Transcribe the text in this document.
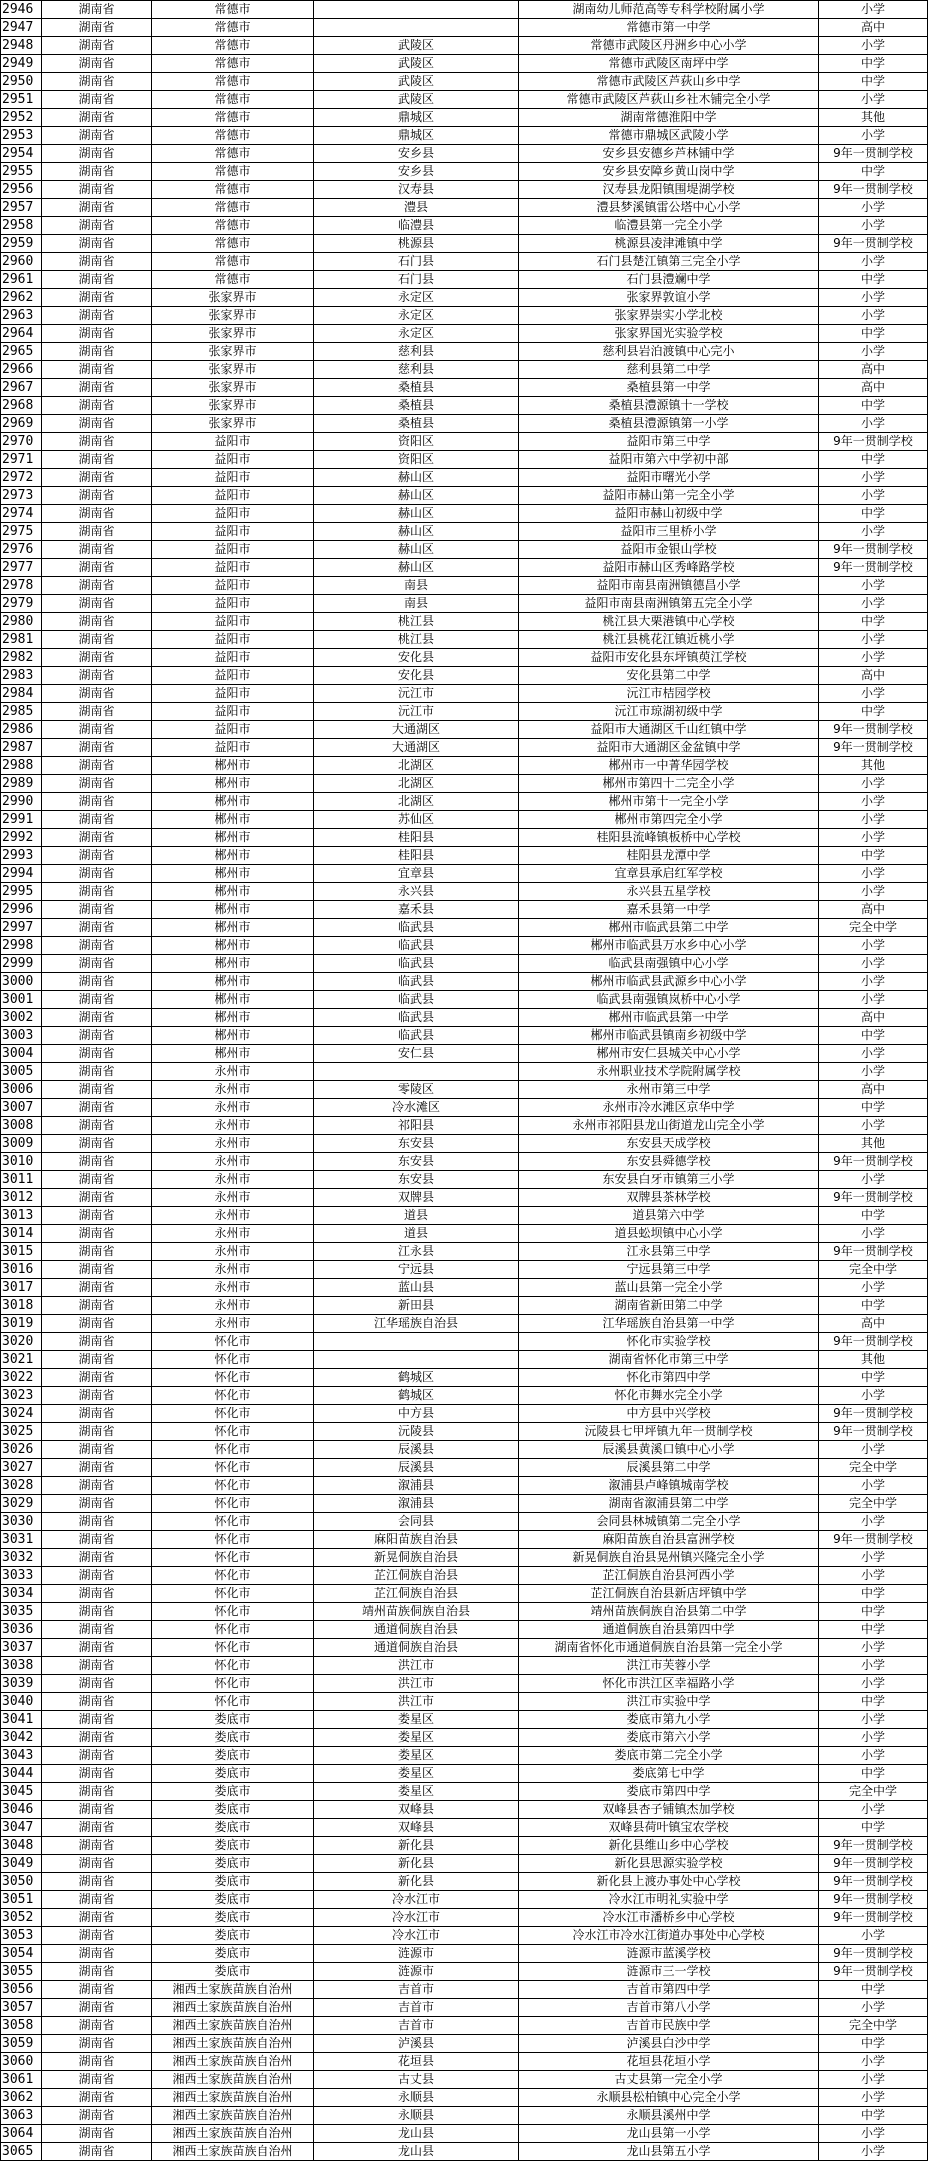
2946	湖南省	常德市		湖南幼儿师范高等专科学校附属小学	小学
2947	湖南省	常德市		常德市第一中学	高中
2948	湖南省	常德市	武陵区	常德市武陵区丹洲乡中心小学	小学
2949	湖南省	常德市	武陵区	常德市武陵区南坪中学	中学
2950	湖南省	常德市	武陵区	常德市武陵区芦荻山乡中学	中学
2951	湖南省	常德市	武陵区	常德市武陵区芦荻山乡社木铺完全小学	小学
2952	湖南省	常德市	鼎城区	湖南常德淮阳中学	其他
2953	湖南省	常德市	鼎城区	常德市鼎城区武陵小学	小学
2954	湖南省	常德市	安乡县	安乡县安德乡芦林铺中学	9年一贯制学校
2955	湖南省	常德市	安乡县	安乡县安障乡黄山岗中学	中学
2956	湖南省	常德市	汉寿县	汉寿县龙阳镇围堤湖学校	9年一贯制学校
2957	湖南省	常德市	澧县	澧县梦溪镇雷公塔中心小学	小学
2958	湖南省	常德市	临澧县	临澧县第一完全小学	小学
2959	湖南省	常德市	桃源县	桃源县凌津滩镇中学	9年一贯制学校
2960	湖南省	常德市	石门县	石门县楚江镇第三完全小学	小学
2961	湖南省	常德市	石门县	石门县澧斓中学	中学
2962	湖南省	张家界市	永定区	张家界敦谊小学	小学
2963	湖南省	张家界市	永定区	张家界崇实小学北校	小学
2964	湖南省	张家界市	永定区	张家界国光实验学校	中学
2965	湖南省	张家界市	慈利县	慈利县岩泊渡镇中心完小	小学
2966	湖南省	张家界市	慈利县	慈利县第二中学	高中
2967	湖南省	张家界市	桑植县	桑植县第一中学	高中
2968	湖南省	张家界市	桑植县	桑植县澧源镇十一学校	中学
2969	湖南省	张家界市	桑植县	桑植县澧源镇第一小学	小学
2970	湖南省	益阳市	资阳区	益阳市第三中学	9年一贯制学校
2971	湖南省	益阳市	资阳区	益阳市第六中学初中部	中学
2972	湖南省	益阳市	赫山区	益阳市曙光小学	小学
2973	湖南省	益阳市	赫山区	益阳市赫山第一完全小学	小学
2974	湖南省	益阳市	赫山区	益阳市赫山初级中学	中学
2975	湖南省	益阳市	赫山区	益阳市三里桥小学	小学
2976	湖南省	益阳市	赫山区	益阳市金银山学校	9年一贯制学校
2977	湖南省	益阳市	赫山区	益阳市赫山区秀峰路学校	9年一贯制学校
2978	湖南省	益阳市	南县	益阳市南县南洲镇德昌小学	小学
2979	湖南省	益阳市	南县	益阳市南县南洲镇第五完全小学	小学
2980	湖南省	益阳市	桃江县	桃江县大栗港镇中心学校	中学
2981	湖南省	益阳市	桃江县	桃江县桃花江镇近桃小学	小学
2982	湖南省	益阳市	安化县	益阳市安化县东坪镇萸江学校	小学
2983	湖南省	益阳市	安化县	安化县第二中学	高中
2984	湖南省	益阳市	沅江市	沅江市桔园学校	小学
2985	湖南省	益阳市	沅江市	沅江市琼湖初级中学	中学
2986	湖南省	益阳市	大通湖区	益阳市大通湖区千山红镇中学	9年一贯制学校
2987	湖南省	益阳市	大通湖区	益阳市大通湖区金盆镇中学	9年一贯制学校
2988	湖南省	郴州市	北湖区	郴州市一中菁华园学校	其他
2989	湖南省	郴州市	北湖区	郴州市第四十二完全小学	小学
2990	湖南省	郴州市	北湖区	郴州市第十一完全小学	小学
2991	湖南省	郴州市	苏仙区	郴州市第四完全小学	小学
2992	湖南省	郴州市	桂阳县	桂阳县流峰镇板桥中心学校	小学
2993	湖南省	郴州市	桂阳县	桂阳县龙潭中学	中学
2994	湖南省	郴州市	宜章县	宜章县承启红军学校	小学
2995	湖南省	郴州市	永兴县	永兴县五星学校	小学
2996	湖南省	郴州市	嘉禾县	嘉禾县第一中学	高中
2997	湖南省	郴州市	临武县	郴州市临武县第二中学	完全中学
2998	湖南省	郴州市	临武县	郴州市临武县万水乡中心小学	小学
2999	湖南省	郴州市	临武县	临武县南强镇中心小学	小学
3000	湖南省	郴州市	临武县	郴州市临武县武源乡中心小学	小学
3001	湖南省	郴州市	临武县	临武县南强镇岚桥中心小学	小学
3002	湖南省	郴州市	临武县	郴州市临武县第一中学	高中
3003	湖南省	郴州市	临武县	郴州市临武县镇南乡初级中学	中学
3004	湖南省	郴州市	安仁县	郴州市安仁县城关中心小学	小学
3005	湖南省	永州市		永州职业技术学院附属学校	小学
3006	湖南省	永州市	零陵区	永州市第三中学	高中
3007	湖南省	永州市	冷水滩区	永州市冷水滩区京华中学	中学
3008	湖南省	永州市	祁阳县	永州市祁阳县龙山街道龙山完全小学	小学
3009	湖南省	永州市	东安县	东安县天成学校	其他
3010	湖南省	永州市	东安县	东安县舜德学校	9年一贯制学校
3011	湖南省	永州市	东安县	东安县白牙市镇第三小学	小学
3012	湖南省	永州市	双牌县	双牌县茶林学校	9年一贯制学校
3013	湖南省	永州市	道县	道县第六中学	中学
3014	湖南省	永州市	道县	道县蚣坝镇中心小学	小学
3015	湖南省	永州市	江永县	江永县第三中学	9年一贯制学校
3016	湖南省	永州市	宁远县	宁远县第三中学	完全中学
3017	湖南省	永州市	蓝山县	蓝山县第一完全小学	小学
3018	湖南省	永州市	新田县	湖南省新田第二中学	中学
3019	湖南省	永州市	江华瑶族自治县	江华瑶族自治县第一中学	高中
3020	湖南省	怀化市		怀化市实验学校	9年一贯制学校
3021	湖南省	怀化市		湖南省怀化市第三中学	其他
3022	湖南省	怀化市	鹤城区	怀化市第四中学	中学
3023	湖南省	怀化市	鹤城区	怀化市舞水完全小学	小学
3024	湖南省	怀化市	中方县	中方县中兴学校	9年一贯制学校
3025	湖南省	怀化市	沅陵县	沅陵县七甲坪镇九年一贯制学校	9年一贯制学校
3026	湖南省	怀化市	辰溪县	辰溪县黄溪口镇中心小学	小学
3027	湖南省	怀化市	辰溪县	辰溪县第二中学	完全中学
3028	湖南省	怀化市	溆浦县	溆浦县卢峰镇城南学校	小学
3029	湖南省	怀化市	溆浦县	湖南省溆浦县第二中学	完全中学
3030	湖南省	怀化市	会同县	会同县林城镇第二完全小学	小学
3031	湖南省	怀化市	麻阳苗族自治县	麻阳苗族自治县富洲学校	9年一贯制学校
3032	湖南省	怀化市	新晃侗族自治县	新晃侗族自治县晃州镇兴隆完全小学	小学
3033	湖南省	怀化市	芷江侗族自治县	芷江侗族自治县河西小学	小学
3034	湖南省	怀化市	芷江侗族自治县	芷江侗族自治县新店坪镇中学	中学
3035	湖南省	怀化市	靖州苗族侗族自治县	靖州苗族侗族自治县第二中学	中学
3036	湖南省	怀化市	通道侗族自治县	通道侗族自治县第四中学	中学
3037	湖南省	怀化市	通道侗族自治县	湖南省怀化市通道侗族自治县第一完全小学	小学
3038	湖南省	怀化市	洪江市	洪江市芙蓉小学	小学
3039	湖南省	怀化市	洪江市	怀化市洪江区幸福路小学	小学
3040	湖南省	怀化市	洪江市	洪江市实验中学	中学
3041	湖南省	娄底市	娄星区	娄底市第九小学	小学
3042	湖南省	娄底市	娄星区	娄底市第六小学	小学
3043	湖南省	娄底市	娄星区	娄底市第二完全小学	小学
3044	湖南省	娄底市	娄星区	娄底第七中学	中学
3045	湖南省	娄底市	娄星区	娄底市第四中学	完全中学
3046	湖南省	娄底市	双峰县	双峰县杏子铺镇杰加学校	小学
3047	湖南省	娄底市	双峰县	双峰县荷叶镇宝农学校	中学
3048	湖南省	娄底市	新化县	新化县维山乡中心学校	9年一贯制学校
3049	湖南省	娄底市	新化县	新化县思源实验学校	9年一贯制学校
3050	湖南省	娄底市	新化县	新化县上渡办事处中心学校	9年一贯制学校
3051	湖南省	娄底市	冷水江市	冷水江市明礼实验中学	9年一贯制学校
3052	湖南省	娄底市	冷水江市	冷水江市潘桥乡中心学校	9年一贯制学校
3053	湖南省	娄底市	冷水江市	冷水江市冷水江街道办事处中心学校	小学
3054	湖南省	娄底市	涟源市	涟源市蓝溪学校	9年一贯制学校
3055	湖南省	娄底市	涟源市	涟源市三一学校	9年一贯制学校
3056	湖南省	湘西土家族苗族自治州	吉首市	吉首市第四中学	中学
3057	湖南省	湘西土家族苗族自治州	吉首市	吉首市第八小学	小学
3058	湖南省	湘西土家族苗族自治州	吉首市	吉首市民族中学	完全中学
3059	湖南省	湘西土家族苗族自治州	泸溪县	泸溪县白沙中学	中学
3060	湖南省	湘西土家族苗族自治州	花垣县	花垣县花垣小学	小学
3061	湖南省	湘西土家族苗族自治州	古丈县	古丈县第一完全小学	小学
3062	湖南省	湘西土家族苗族自治州	永顺县	永顺县松柏镇中心完全小学	小学
3063	湖南省	湘西土家族苗族自治州	永顺县	永顺县溪州中学	中学
3064	湖南省	湘西土家族苗族自治州	龙山县	龙山县第一小学	小学
3065	湖南省	湘西土家族苗族自治州	龙山县	龙山县第五小学	小学
